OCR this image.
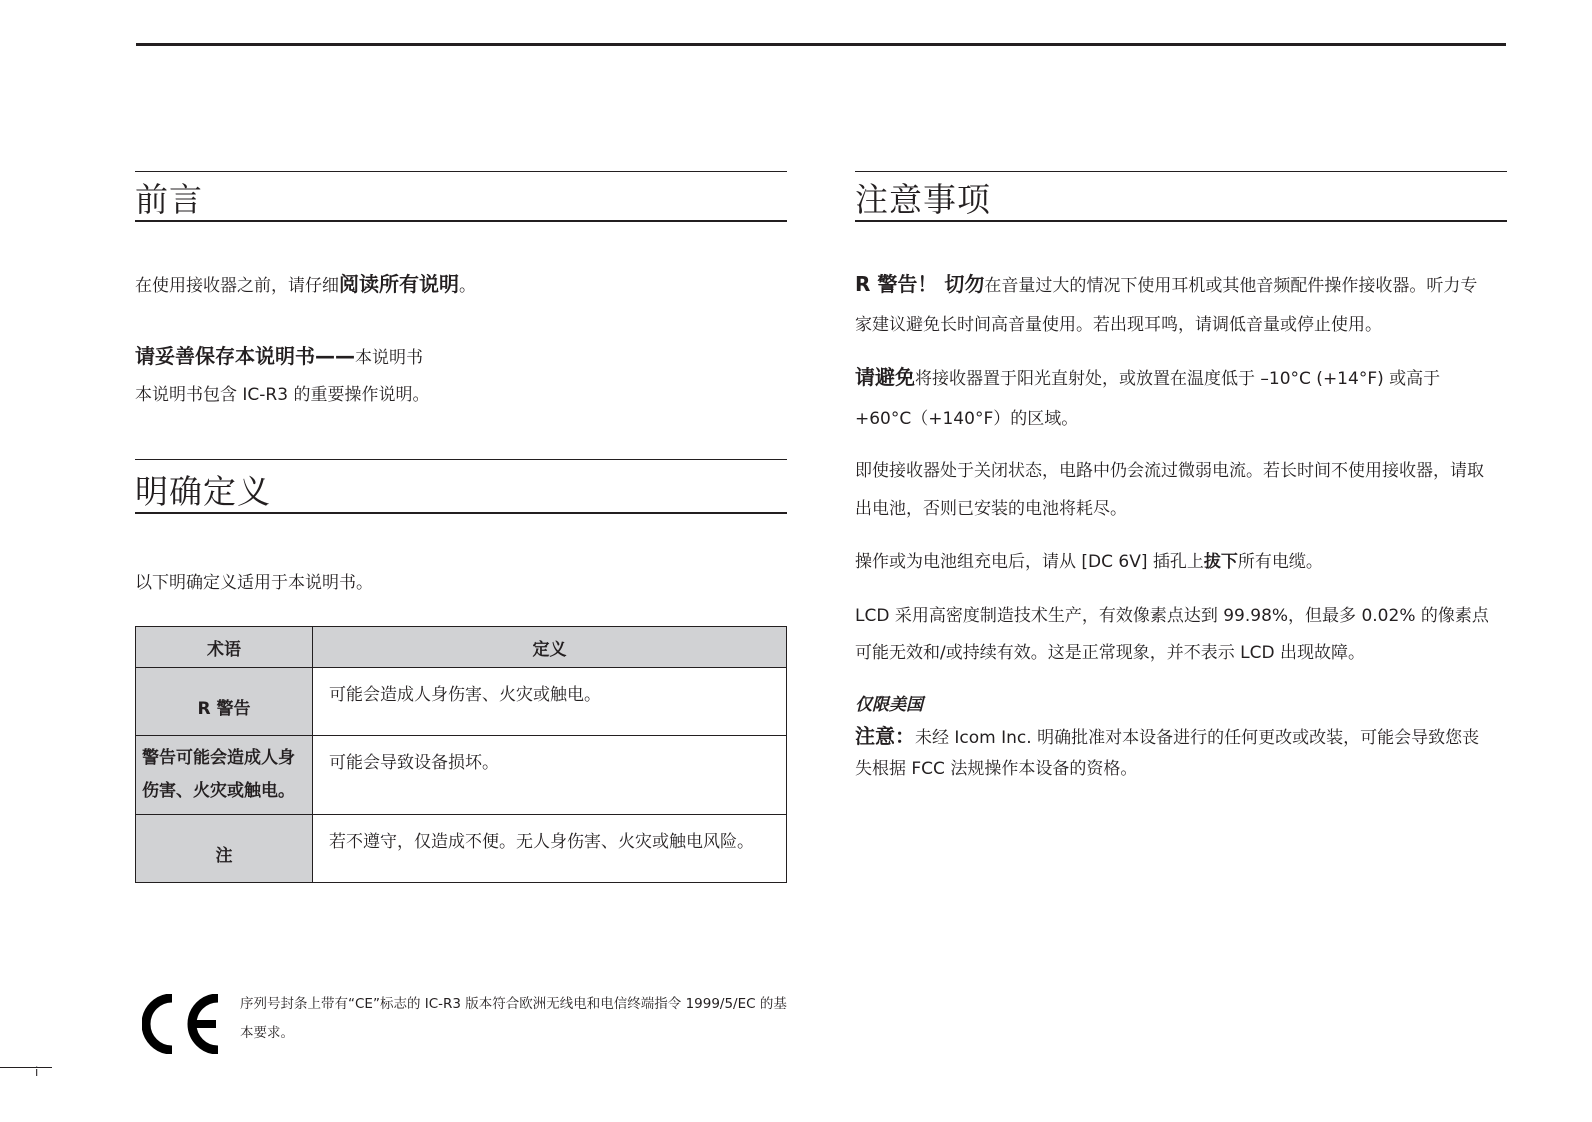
前言
在使用接收器之前，请仔细阅读所有说明。
请妥善保存本说明书——本说明书
本说明书包含 IC-R3 的重要操作说明。
明确定义
以下明确定义适用于本说明书。
术语	定义
R 警告	可能会造成人身伤害、火灾或触电。
警告可能会造成人身伤害、火灾或触电。	可能会导致设备损坏。
注	若不遵守，仅造成不便。无人身伤害、火灾或触电风险。
CE
序列号封条上带有“CE”标志的 IC-R3 版本符合欧洲无线电和电信终端指令 1999/5/EC 的基本要求。
注意事项
R 警告！ 切勿在音量过大的情况下使用耳机或其他音频配件操作接收器。听力专
家建议避免长时间高音量使用。若出现耳鸣，请调低音量或停止使用。
请避免将接收器置于阳光直射处，或放置在温度低于 –10°C (+14°F) 或高于
+60°C（+140°F）的区域。
即使接收器处于关闭状态，电路中仍会流过微弱电流。若长时间不使用接收器，请取
出电池，否则已安装的电池将耗尽。
操作或为电池组充电后，请从 [DC 6V] 插孔上拔下所有电缆。
LCD 采用高密度制造技术生产，有效像素点达到 99.98%，但最多 0.02% 的像素点
可能无效和/或持续有效。这是正常现象，并不表示 LCD 出现故障。
仅限美国
注意：未经 Icom Inc. 明确批准对本设备进行的任何更改或改装，可能会导致您丧
失根据 FCC 法规操作本设备的资格。
i
